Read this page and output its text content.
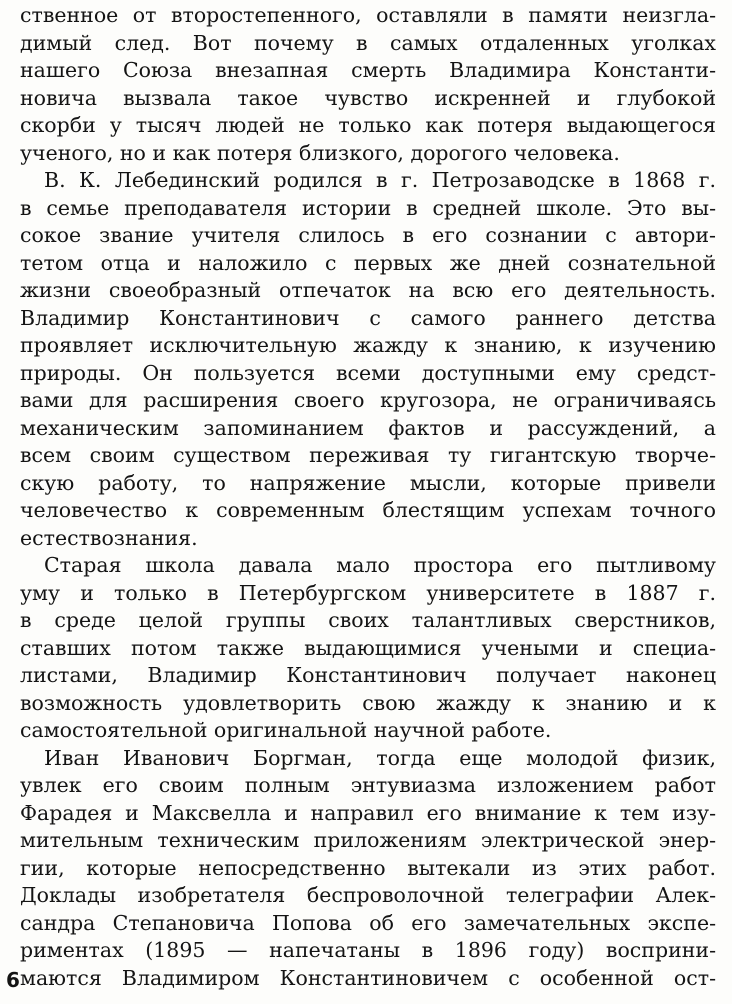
ственное от второстепенного, оставляли в памяти неизгла-
димый след. Вот почему в самых отдаленных уголках
нашего Союза внезапная смерть Владимира Константи-
новича вызвала такое чувство искренней и глубокой
скорби у тысяч людей не только как потеря выдающегося
ученого, но и как потеря близкого, дорогого человека.
В. К. Лебединский родился в г. Петрозаводске в 1868 г.
в семье преподавателя истории в средней школе. Это вы-
сокое звание учителя слилось в его сознании с автори-
тетом отца и наложило с первых же дней сознательной
жизни своеобразный отпечаток на всю его деятельность.
Владимир Константинович с самого раннего детства
проявляет исключительную жажду к знанию, к изучению
природы. Он пользуется всеми доступными ему средст-
вами для расширения своего кругозора, не ограничиваясь
механическим запоминанием фактов и рассуждений, а
всем своим существом переживая ту гигантскую творче-
скую работу, то напряжение мысли, которые привели
человечество к современным блестящим успехам точного
естествознания.
Старая школа давала мало простора его пытливому
уму и только в Петербургском университете в 1887 г.
в среде целой группы своих талантливых сверстников,
ставших потом также выдающимися учеными и специа-
листами, Владимир Константинович получает наконец
возможность удовлетворить свою жажду к знанию и к
самостоятельной оригинальной научной работе.
Иван Иванович Боргман, тогда еще молодой физик,
увлек его своим полным энтувиазма изложением работ
Фарадея и Максвелла и направил его внимание к тем изу-
мительным техническим приложениям электрической энер-
гии, которые непосредственно вытекали из этих работ.
Доклады изобретателя беспроволочной телеграфии Алек-
сандра Степановича Попова об его замечательных экспе-
риментах (1895 — напечатаны в 1896 году) восприни-
маются Владимиром Константиновичем с особенной ост-
6
